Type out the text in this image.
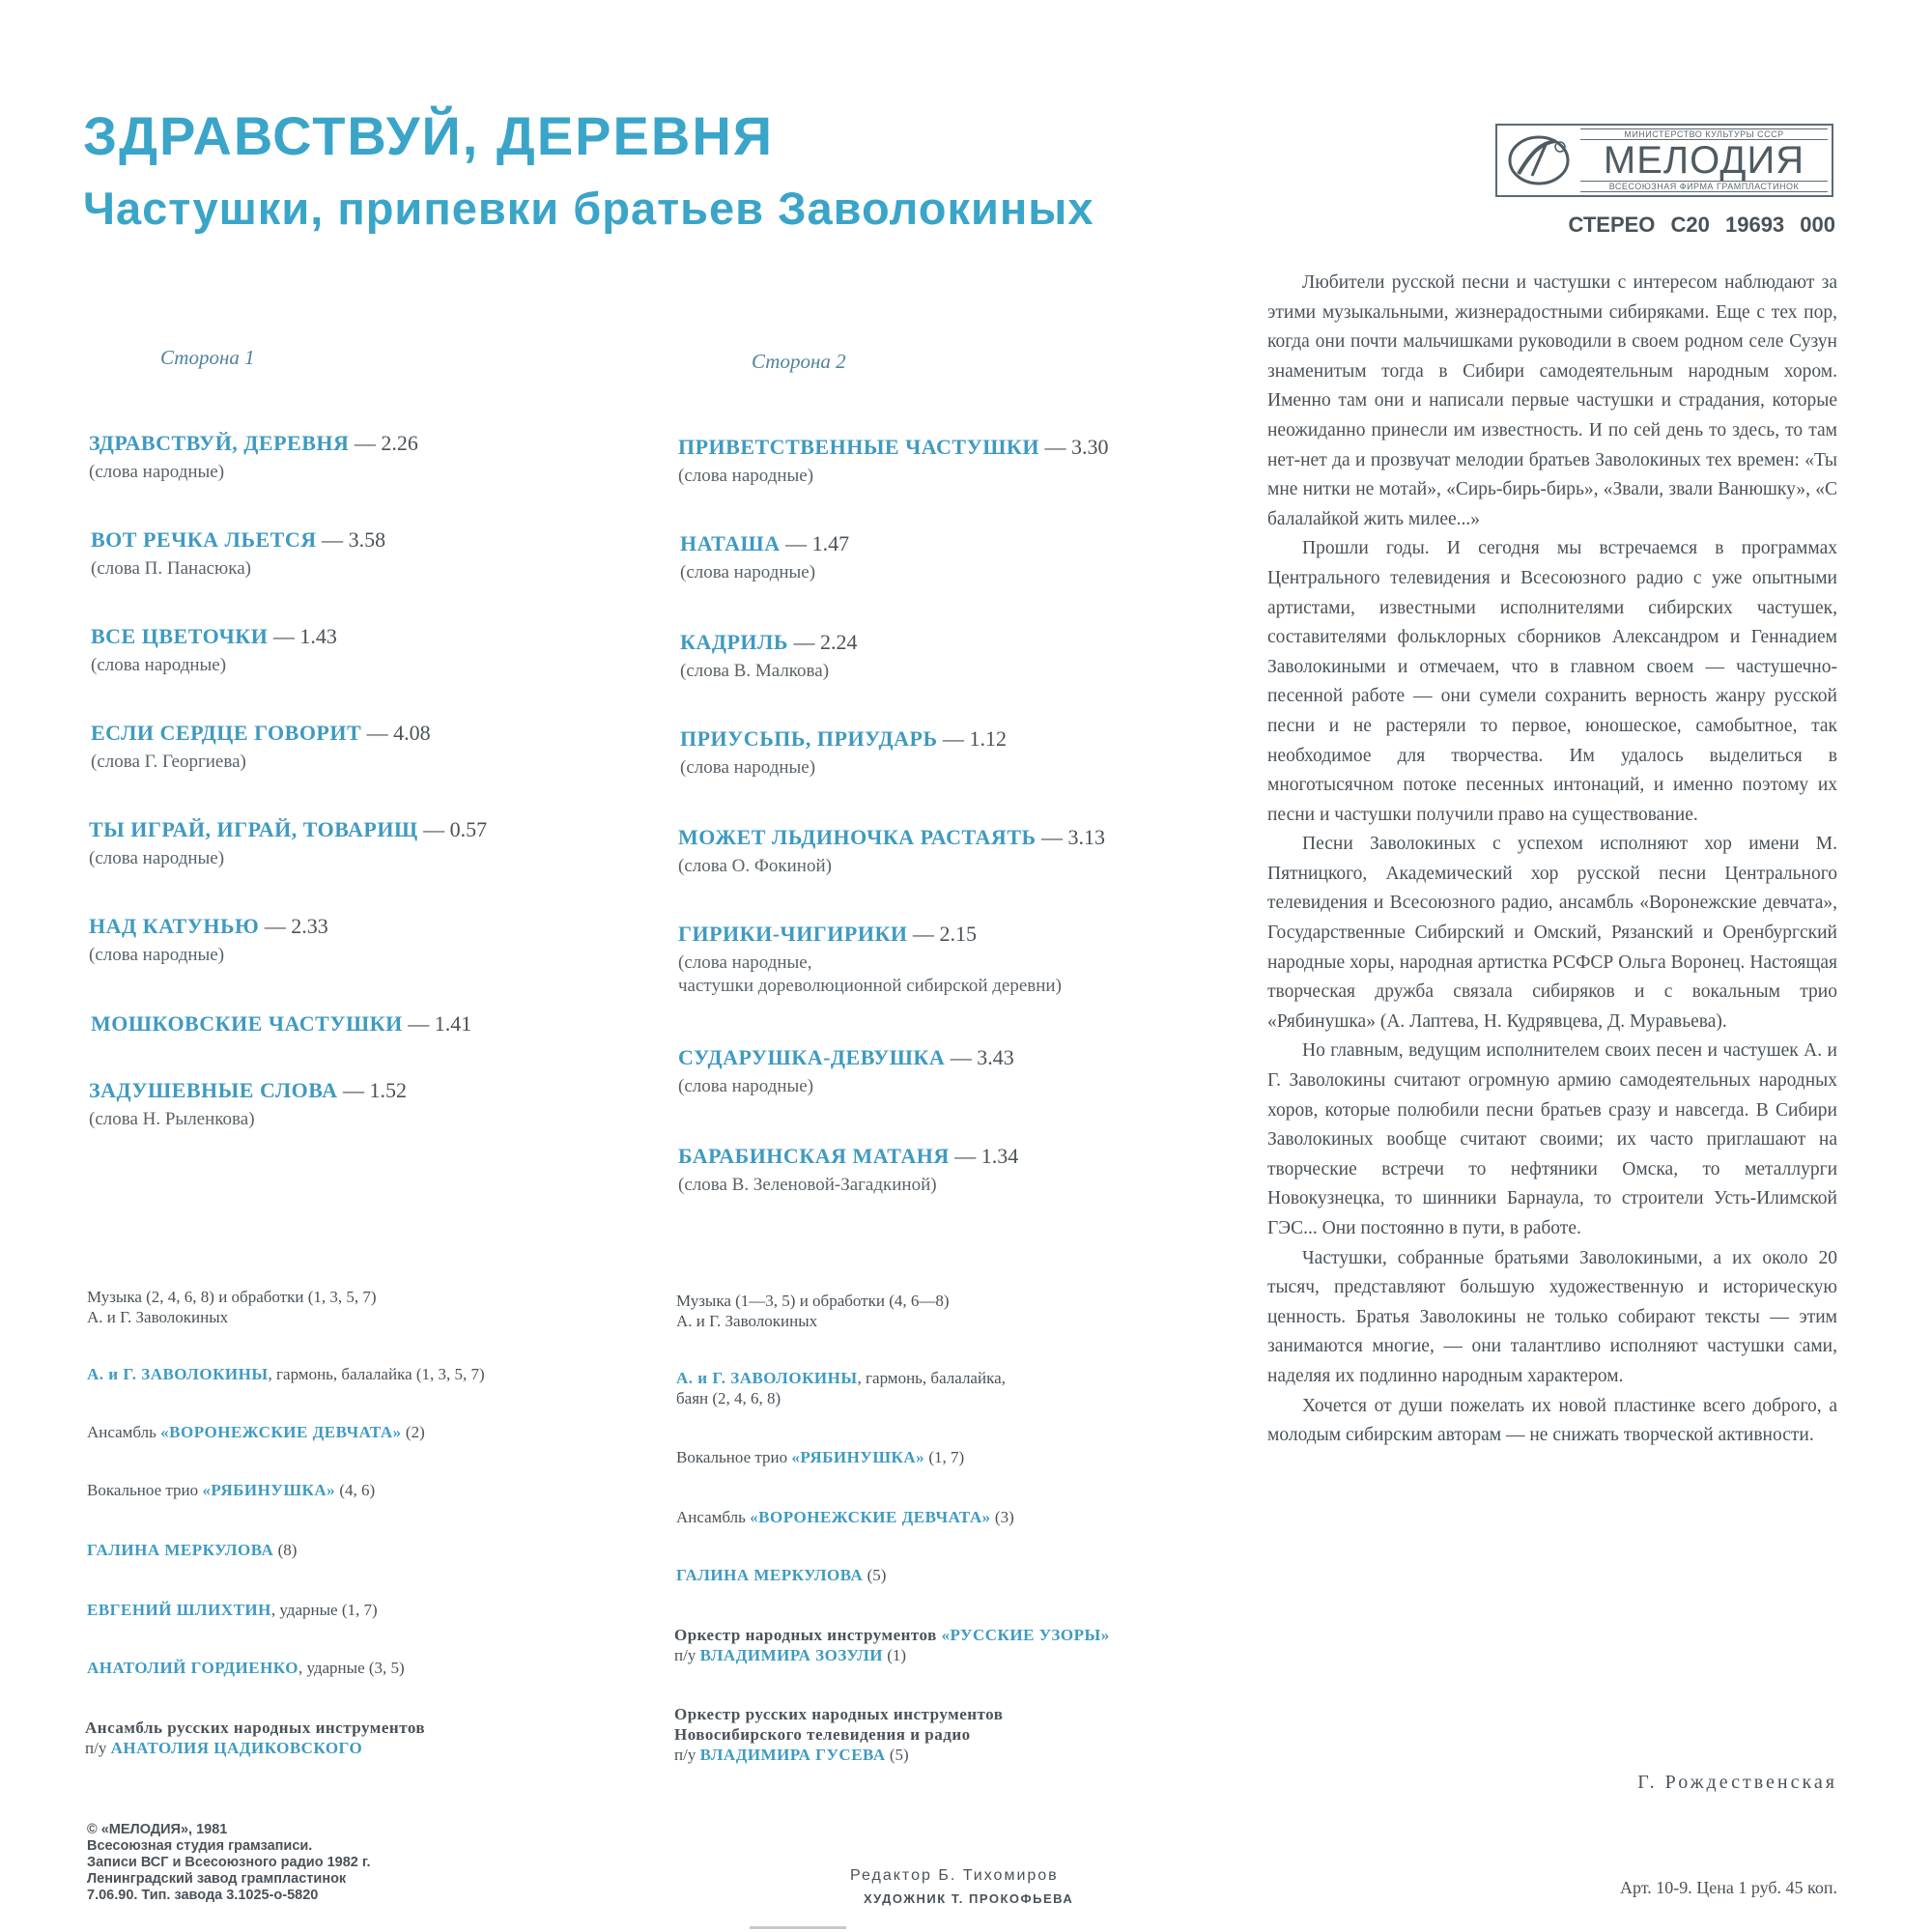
ЗДРАВСТВУЙ, ДЕРЕВНЯ
Частушки, припевки братьев Заволокиных
МИНИСТЕРСТВО КУЛЬТУРЫ СССР
МЕЛОДИЯ
ВСЕСОЮЗНАЯ ФИРМА ГРАМПЛАСТИНОК
СТЕРЕО С20 19693 000
Сторона 1
ЗДРАВСТВУЙ, ДЕРЕВНЯ — 2.26
(слова народные)
ВОТ РЕЧКА ЛЬЕТСЯ — 3.58
(слова П. Панасюка)
ВСЕ ЦВЕТОЧКИ — 1.43
(слова народные)
ЕСЛИ СЕРДЦЕ ГОВОРИТ — 4.08
(слова Г. Георгиева)
ТЫ ИГРАЙ, ИГРАЙ, ТОВАРИЩ — 0.57
(слова народные)
НАД КАТУНЬЮ — 2.33
(слова народные)
МОШКОВСКИЕ ЧАСТУШКИ — 1.41
ЗАДУШЕВНЫЕ СЛОВА — 1.52
(слова Н. Рыленкова)
Музыка (2, 4, 6, 8) и обработки (1, 3, 5, 7)
А. и Г. Заволокиных
А. и Г. ЗАВОЛОКИНЫ, гармонь, балалайка (1, 3, 5, 7)
Ансамбль «ВОРОНЕЖСКИЕ ДЕВЧАТА» (2)
Вокальное трио «РЯБИНУШКА» (4, 6)
ГАЛИНА МЕРКУЛОВА (8)
ЕВГЕНИЙ ШЛИХТИН, ударные (1, 7)
АНАТОЛИЙ ГОРДИЕНКО, ударные (3, 5)
Ансамбль русских народных инструментов
п/у АНАТОЛИЯ ЦАДИКОВСКОГО
Сторона 2
ПРИВЕТСТВЕННЫЕ ЧАСТУШКИ — 3.30
(слова народные)
НАТАША — 1.47
(слова народные)
КАДРИЛЬ — 2.24
(слова В. Малкова)
ПРИУСЬПЬ, ПРИУДАРЬ — 1.12
(слова народные)
МОЖЕТ ЛЬДИНОЧКА РАСТАЯТЬ — 3.13
(слова О. Фокиной)
ГИРИКИ-ЧИГИРИКИ — 2.15
(слова народные,
частушки дореволюционной сибирской деревни)
СУДАРУШКА-ДЕВУШКА — 3.43
(слова народные)
БАРАБИНСКАЯ МАТАНЯ — 1.34
(слова В. Зеленовой-Загадкиной)
Музыка (1—3, 5) и обработки (4, 6—8)
А. и Г. Заволокиных
А. и Г. ЗАВОЛОКИНЫ, гармонь, балалайка,
баян (2, 4, 6, 8)
Вокальное трио «РЯБИНУШКА» (1, 7)
Ансамбль «ВОРОНЕЖСКИЕ ДЕВЧАТА» (3)
ГАЛИНА МЕРКУЛОВА (5)
Оркестр народных инструментов «РУССКИЕ УЗОРЫ»
п/у ВЛАДИМИРА ЗОЗУЛИ (1)
Оркестр русских народных инструментов
Новосибирского телевидения и радио
п/у ВЛАДИМИРА ГУСЕВА (5)

Любители русской песни и частушки с интересом наблюдают за этими музыкальными, жизнерадостными сибиряками. Еще с тех пор, когда они почти мальчишками руководили в своем родном селе Сузун знаменитым тогда в Сибири самодеятельным народным хором. Именно там они и написали первые частушки и страдания, которые неожиданно принесли им известность. И по сей день то здесь, то там нет-нет да и прозвучат мелодии братьев Заволокиных тех времен: «Ты мне нитки не мотай», «Сирь-бирь-бирь», «Звали, звали Ванюшку», «С балалайкой жить милее...»

Прошли годы. И сегодня мы встречаемся в программах Центрального телевидения и Всесоюзного радио с уже опытными артистами, известными исполнителями сибирских частушек, составителями фольклорных сборников Александром и Геннадием Заволокиными и отмечаем, что в главном своем — частушечно-песенной работе — они сумели сохранить верность жанру русской песни и не растеряли то первое, юношеское, самобытное, так необходимое для творчества. Им удалось выделиться в многотысячном потоке песенных интонаций, и именно поэтому их песни и частушки получили право на существование.

Песни Заволокиных с успехом исполняют хор имени М. Пятницкого, Академический хор русской песни Центрального телевидения и Всесоюзного радио, ансамбль «Воронежские девчата», Государственные Сибирский и Омский, Рязанский и Оренбургский народные хоры, народная артистка РСФСР Ольга Воронец. Настоящая творческая дружба связала сибиряков и с вокальным трио «Рябинушка» (А. Лаптева, Н. Кудрявцева, Д. Муравьева).

Но главным, ведущим исполнителем своих песен и частушек А. и Г. Заволокины считают огромную армию самодеятельных народных хоров, которые полюбили песни братьев сразу и навсегда. В Сибири Заволокиных вообще считают своими; их часто приглашают на творческие встречи то нефтяники Омска, то металлурги Новокузнецка, то шинники Барнаула, то строители Усть-Илимской ГЭС... Они постоянно в пути, в работе.

Частушки, собранные братьями Заволокиными, а их около 20 тысяч, представляют большую художественную и историческую ценность. Братья Заволокины не только собирают тексты — этим занимаются многие, — они талантливо исполняют частушки сами, наделяя их подлинно народным характером.

Хочется от души пожелать их новой пластинке всего доброго, а молодым сибирским авторам — не снижать творческой активности.

Г. Рождественская
© «МЕЛОДИЯ», 1981
Всесоюзная студия грамзаписи.
Записи ВСГ и Всесоюзного радио 1982 г.
Ленинградский завод грампластинок
7.06.90. Тип. завода 3.1025-о-5820
Редактор Б. Тихомиров
ХУДОЖНИК Т. ПРОКОФЬЕВА
Арт. 10-9. Цена 1 руб. 45 коп.
